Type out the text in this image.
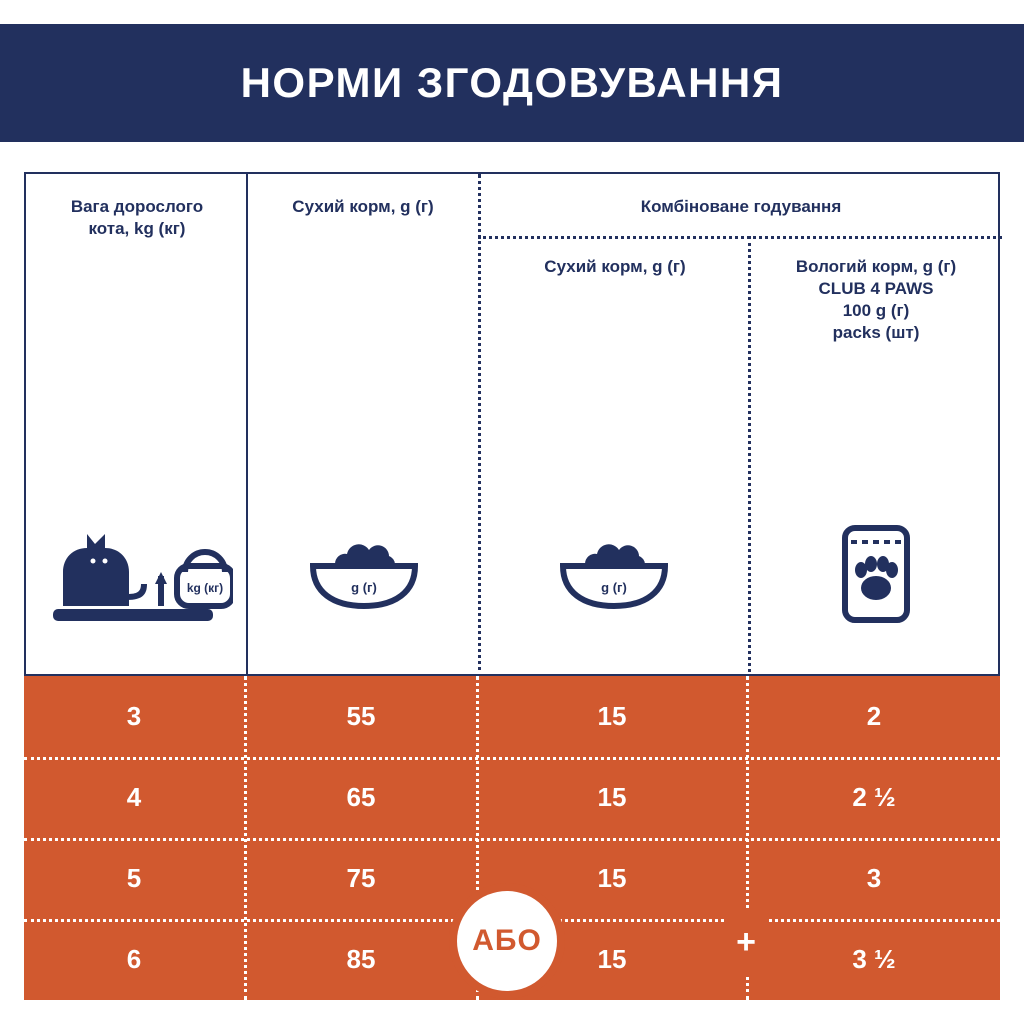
НОРМИ ЗГОДОВУВАННЯ
Вага дорослого
кота, kg (кг)
Сухий корм, g (г)	Комбіноване годування
Сухий корм, g (г)	Вологий корм, g (г)
CLUB 4 PAWS
100 g (г)
packs (шт)
kg (кг)	g (г)	g (г)
3	55	15	2
4	65	15	2 ½
5	75	15	3
6	85	15	3 ½
АБО	+
